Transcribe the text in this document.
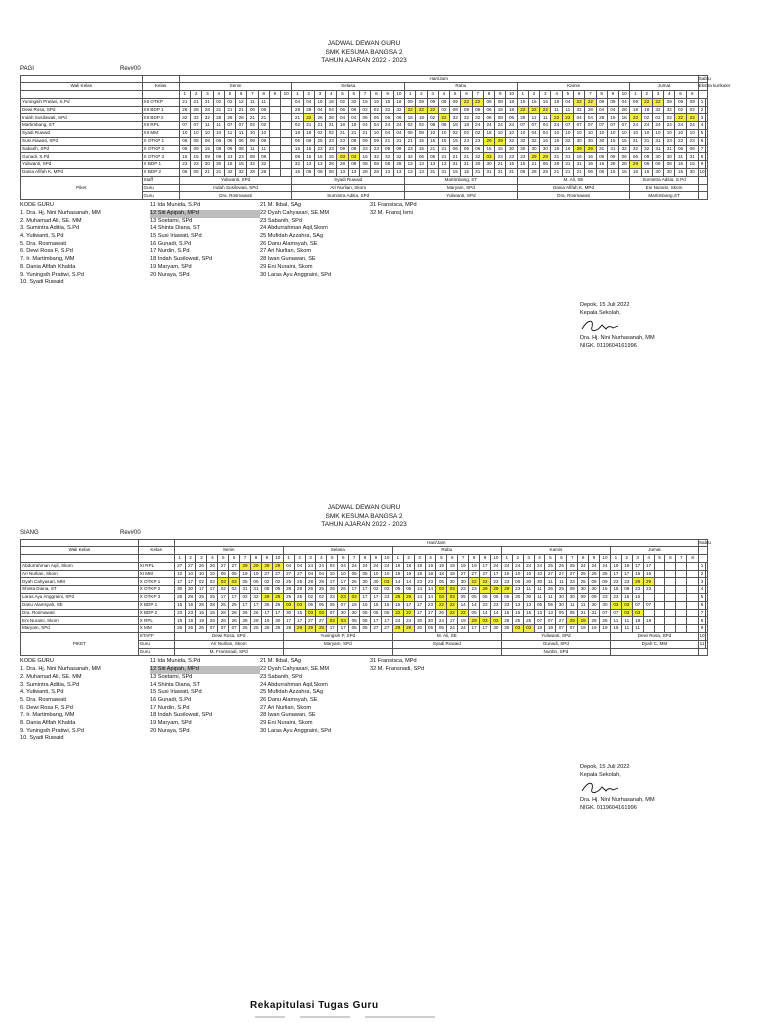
JADWAL DEWAN GURU
SMK KESUMA BANGSA 2
TAHUN AJARAN 2022 - 2023
PAGI	Rev#00
		Hari/Jam																																														Sabtu	
Wali Kelas	Kelas	Senin										Selasa										Rabu										Kamis										Jumat						Ekstra kurikuler	
		1	2	3	4	5	6	7	8	9	10	1	2	3	4	5	6	7	8	9	10	1	2	3	4	5	6	7	8	9	10	1	2	3	4	5	6	7	8	9	10	1	2	3	4	5	6		
Yuningsih Pratiwi, S.Pd	XII OTKP	21	21	31	02	02	12	11	11			04	04	18	18	02	32	15	15	15	18	09	09	09	09	09	22	22	08	08	18	15	15	15	18	04	22	22	09	09	04	09	22	22	09	09	09	1	
Dewi Rosa, SPd	XII BDP 1	28	28	28	21	21	21	06	06			28	28	04	04	06	06	02	02	32	32	22	22	22	02	08	08	06	06	18	18	22	22	22	11	11	32	28	04	04	28	18	18	32	32	02	02	2	
Indah Susilowati, SPd	XII BDP 2	32	32	32	28	28	28	21	21			21	22	28	28	04	04	06	06	06	06	18	18	02	22	32	32	32	08	08	06	28	11	11	22	22	04	04	28	18	18	22	02	02	02	22	22	3	
Martimbang, ST	XII RPL	07	07	11	11	07	07	02	02			02	21	21	21	18	18	04	04	24	24	02	02	08	08	18	18	24	24	24	24	07	07	04	24	07	07	07	07	07	07	24	24	24	24	24	24	4	
Syadi Ruwaid	XII MM	10	10	10	10	11	11	10	10			18	18	02	02	21	21	21	10	04	04	08	08	10	10	02	02	02	18	10	10	10	04	04	10	10	10	10	10	10	10	10	10	10	10	10	10	5	
Susi Iriawati, SPd	X OTKP 1	08	08	08	06	06	06	09	09			06	06	25	23	23	09	09	09	21	21	21	15	15	15	15	23	23	29	29	32	32	32	16	16	32	30	30	30	15	15	31	31	31	23	23	23	6	
Sabarih, SPd	X OTKP 2	09	09	15	08	08	08	11	11			15	15	23	23	09	09	23	23	09	09	23	15	21	21	06	06	06	15	15	30	30	30	30	16	16	29	29	31	31	32	32	32	31	31	06	06	7	
Gunadi, S.Pd	X OTKP 3	15	15	09	09	23	23	08	08			08	15	15	15	03	03	15	32	32	32	32	06	06	21	21	21	32	03	23	23	23	29	29	31	31	16	16	09	09	06	06	09	30	30	31	31	8	
Yuliwanti, SPd	X BDP 1	23	23	30	30	15	15	32	32			32	13	13	28	28	08	08	08	08	28	13	13	13	13	31	31	30	30	21	15	15	21	06	28	31	31	16	16	28	28	29	06	06	06	16	15	9	
Dania Afifah K, MPd	X BDP 2	06	06	21	21	32	32	28	28			15	08	08	08	13	13	28	28	13	13	13	13	31	31	15	15	31	31	31	31	06	28	28	21	21	21	06	06	16	16	16	15	30	30	15	30	10	
Piket	Staff	Yuliwanti, SPd										Syadi Ruwaid										Martimbang, ST										M. Ali, SE										Sumintra Aditia, S.Pd							
	Guru	Indah Susilowati, SPd										Ari Nurlian, Skom										Maryam, SPd										Dania Afifah K, MPd										Eni Nuraini, Skom							
	Guru	Dra. Rosmawati										Sumintra Aditia, SPd										Yuliwanti, SPd										Dra. Rosmawati										Martimbang,ST							
KODE GURU
1. Dra. Hj. Nini Nurhasanah, MM
2. Muhamad Ali, SE. MM
3. Sumintra Aditia, S.Pd
4. Yuliwanti, S.Pd
5. Dra. Rosmawati
6. Dewi Rosa F, S.Pd
7. Ir. Martimbang, MM
8. Dania Afifah Khalda
9. Yuningsih Pratiwi, S.Pd
10. Syadi Ruwaid
11 Ida Munida, S.Pd
12 Siti Apipah, MPd
13 Soetarni, SPd
14 Shinta Diana, ST
15 Susi Iriawati, SPd
16 Gunadi, S.Pd
17 Nurdin, S.Pd
18 Indah Susilowati, SPd
19 Maryam, SPd
20 Nuraya, SPd
21 M. Ikbal, SAg
22 Dyah Cahyasari, SE.MM
23 Sabanih, SPd
24 Abdurrahman Aqil,Skom
25 Mufidah Azzahra, SAg
26 Danu Alamsyah, SE
27 Ari Nurlian, Skom
28 Iwan Gunawan, SE
29 Eni Nuraini, Skom
30 Laras Ayu Anggraini, SPd
31 Fransisca, MPd
32 M. Fransj Ismi
Depok, 15 Juli 2022
Kepala Sekolah,
Dra. Hj. Nini Nurhasanah, MM
NIGK. 0119604161996
JADWAL DEWAN GURU
SMK KESUMA BANGSA 2
TAHUN AJARAN 2022 - 2023
SIANG	Rev#00
		Hari/Jam																																																Sabtu	
Wali Kelas	Kelas	Senin										Selasa										Rabu										Kamis										Jumat									
		1	2	3	4	5	6	7	8	9	10	1	2	3	4	5	6	7	8	9	10	1	2	3	4	5	6	7	8	9	10	1	2	3	4	5	6	7	8	9	10	1	2	3	4	5	6	7	8		
Abdurrahman Aqil, Skom	XI RPL	27	27	26	26	27	27	29	29	29	29	04	04	24	24	04	04	24	24	24	24	18	18	18	19	19	19	19	19	17	24	24	24	24	24	25	25	25	24	24	24	16	16	17	17					1	
Ari Nurlian, Skom	XI MM	10	10	10	10	05	05	19	19	27	27	27	27	04	04	10	10	05	05	10	10	19	19	19	18	18	18	27	27	27	17	10	10	10	10	27	27	27	25	25	25	17	17	16	16					2	
Dyah Cahyasari, MM	X OTKP 1	17	17	02	02	03	03	05	05	02	02	25	25	28	28	17	17	26	30	30	03	14	14	23	23	05	30	30	22	22	23	23	05	30	30	11	11	23	25	09	09	23	23	29	29					3	
Shinta Diana, ST	X OTKP 2	30	30	17	17	02	02	31	31	05	05	28	28	25	25	26	26	17	17	02	02	05	05	14	14	03	03	23	23	29	29	29	23	11	11	25	25	09	30	30	15	15	09	23	23					4	
Laras Ayu Anggraini, SPd	X OTKP 3	28	28	25	25	17	17	02	32	29	29	25	25	02	02	23	03	03	17	17	23	29	29	14	14	03	03	05	05	05	05	05	30	30	11	11	30	30	09	09	23	23	15	15						5	
Danu Alamsyah, SE	X BDP 1	15	15	28	28	25	25	17	17	26	26	03	03	05	05	25	07	15	15	15	15	15	17	17	23	22	22	14	14	23	23	23	13	13	05	05	30	11	11	30	30	03	03	07	07					6	
Dra. Rosmawati	X BDP 2	23	23	15	15	28	28	26	26	17	17	30	15	03	03	07	30	30	05	05	05	22	22	17	17	26	22	22	05	14	14	15	15	15	13	13	05	05	31	31	07	07	03	03						7	
Eni Nuraini, Skom	X RPL	19	19	19	26	26	26	28	28	19	30	17	17	27	27	03	03	05	05	17	17	24	24	30	30	24	17	19	29	03	03	25	25	25	07	07	27	29	29	25	25	11	11	19	19					8	
Maryam, SPd	X MM	26	26	26	07	07	07	25	25	26	26	28	29	29	29	17	17	05	05	27	27	29	29	30	05	05	24	24	17	17	30	30	03	03	19	19	07	07	19	19	19	19	11	11						9	
PIKET	STAFF	Dewi Rosa, SPd										Yuningsih P, SPd										M. Ali, SE										Yuliwanti, SPd										Dewi Rosa, SPd								10	
	Guru	Ari Nurlian, Skom										Maryam, SPd										Syadi Ruwaid										Gunadi, SPd										Dyah C, MM								11	
	Guru	M. Fransnadi, SPd																														Nurdin, SPd																			
KODE GURU
1. Dra. Hj. Nini Nurhasanah, MM
2. Muhamad Ali, SE. MM
3. Sumintra Aditia, S.Pd
4. Yuliwanti, S.Pd
5. Dra. Rosmawati
6. Dewi Rosa F, S.Pd
7. Ir. Martimbang, MM
8. Dania Afifah Khalda
9. Yuningsih Pratiwi, S.Pd
10. Syadi Ruwaid
11 Ida Munida, S.Pd
12 Siti Apipah, MPd
13 Soetarni, SPd
14 Shinta Diana, ST
15 Susi Iriawati, SPd
16 Gunadi, S.Pd
17 Nurdin, S.Pd
18 Indah Susilowati, SPd
19 Maryam, SPd
20 Nuraya, SPd
21 M. Ikbal, SAg
22 Dyah Cahyasari, SE.MM
23 Sabanih, SPd
24 Abdurrahman Aqil,Skom
25 Mufidah Azzahra, SAg
26 Danu Alamsyah, SE
27 Ari Nurlian, Skom
28 Iwan Gunawan, SE
29 Eni Nuraini, Skom
30 Laras Ayu Anggraini, SPd
31 Fransisca, MPd
32 M. Fransnadi, SPd
Depok, 15 Juli 2022
Kepala Sekolah,
Dra. Hj. Nini Nurhasanah, MM
NIGK. 0119604161996
Rekapitulasi Tugas Guru
